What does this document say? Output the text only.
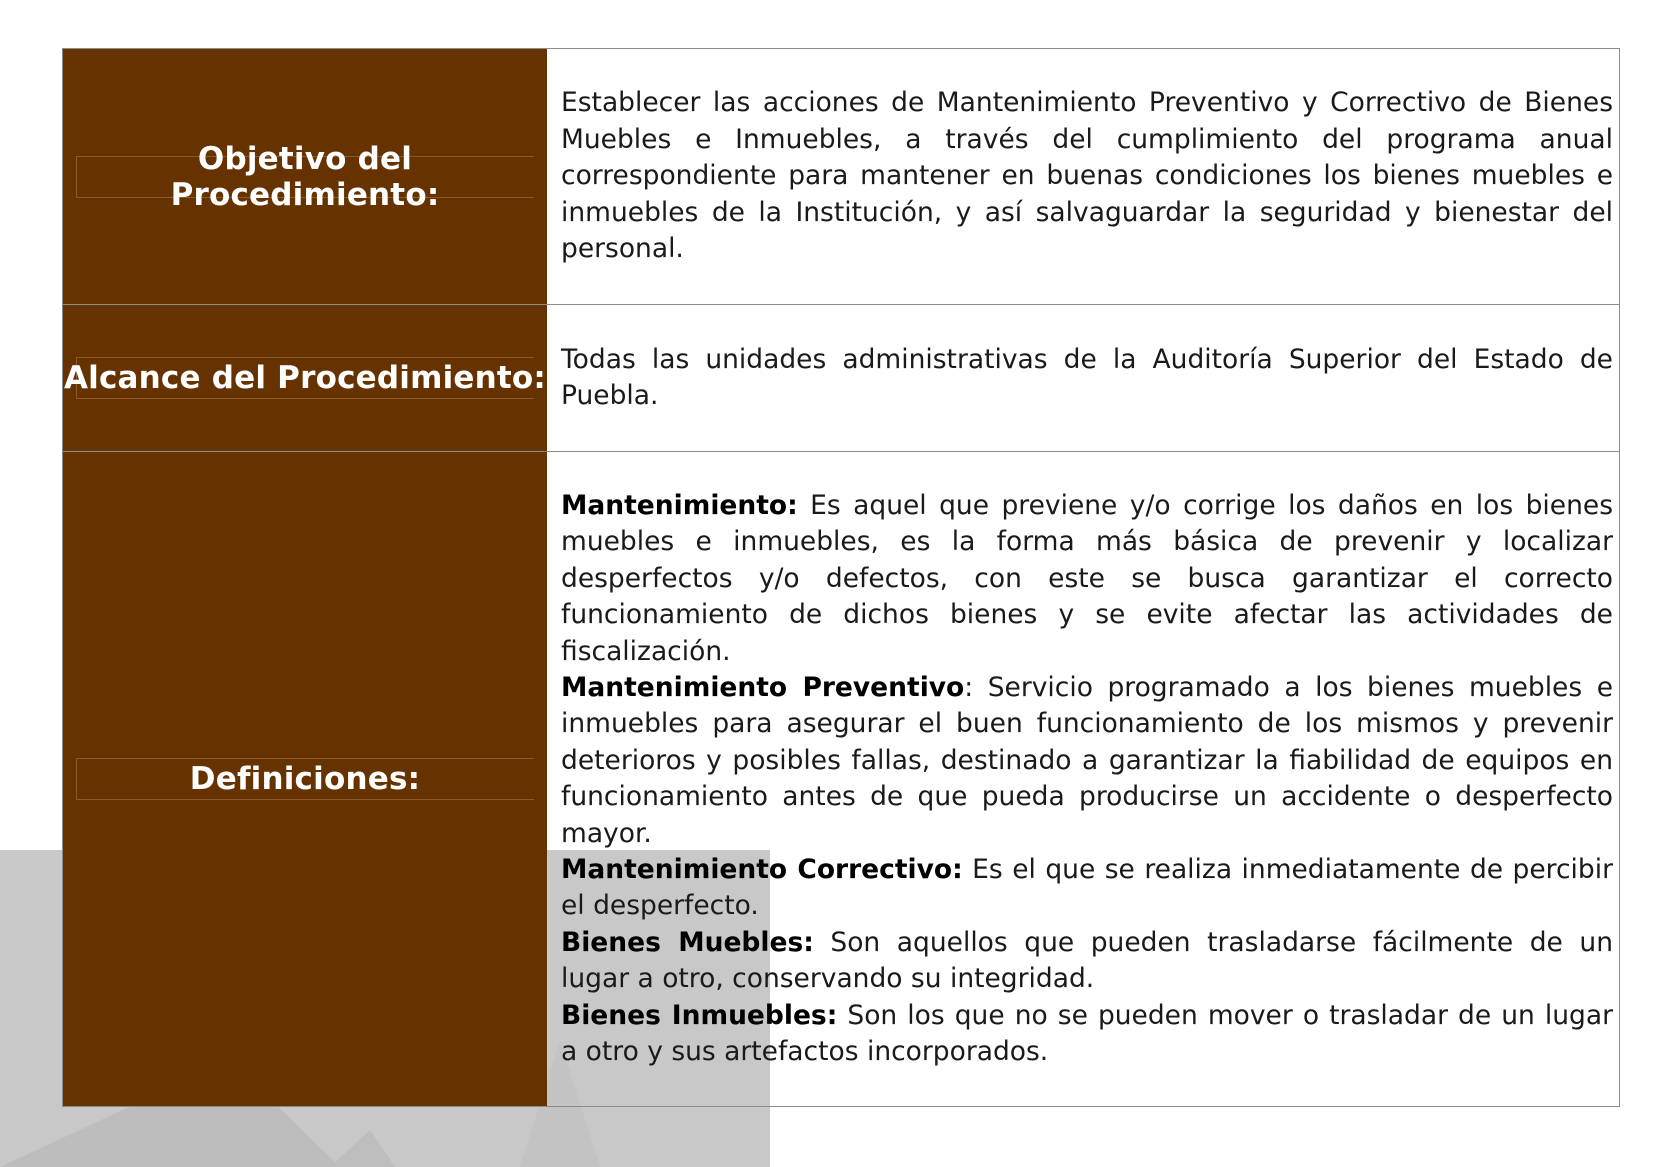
Objetivo del Procedimiento:
Establecer las acciones de Mantenimiento Preventivo y Correctivo de Bienes Muebles e Inmuebles, a través del cumplimiento del programa anual correspondiente para mantener en buenas condiciones los bienes muebles e inmuebles de la Institución, y así salvaguardar la seguridad y bienestar del personal.
Alcance del Procedimiento:
Todas las unidades administrativas de la Auditoría Superior del Estado de Puebla.
Definiciones:

Mantenimiento: Es aquel que previene y/o corrige los daños en los bienes muebles e inmuebles, es la forma más básica de prevenir y localizar desperfectos y/o defectos, con este se busca garantizar el correcto funcionamiento de dichos bienes y se evite afectar las actividades de fiscalización.

Mantenimiento Preventivo: Servicio programado a los bienes muebles e inmuebles para asegurar el buen funcionamiento de los mismos y prevenir deterioros y posibles fallas, destinado a garantizar la fiabilidad de equipos en funcionamiento antes de que pueda producirse un accidente o desperfecto mayor.

Mantenimiento Correctivo: Es el que se realiza inmediatamente de percibir el desperfecto.

Bienes Muebles: Son aquellos que pueden trasladarse fácilmente de un lugar a otro, conservando su integridad.

Bienes Inmuebles: Son los que no se pueden mover o trasladar de un lugar a otro y sus artefactos incorporados.
